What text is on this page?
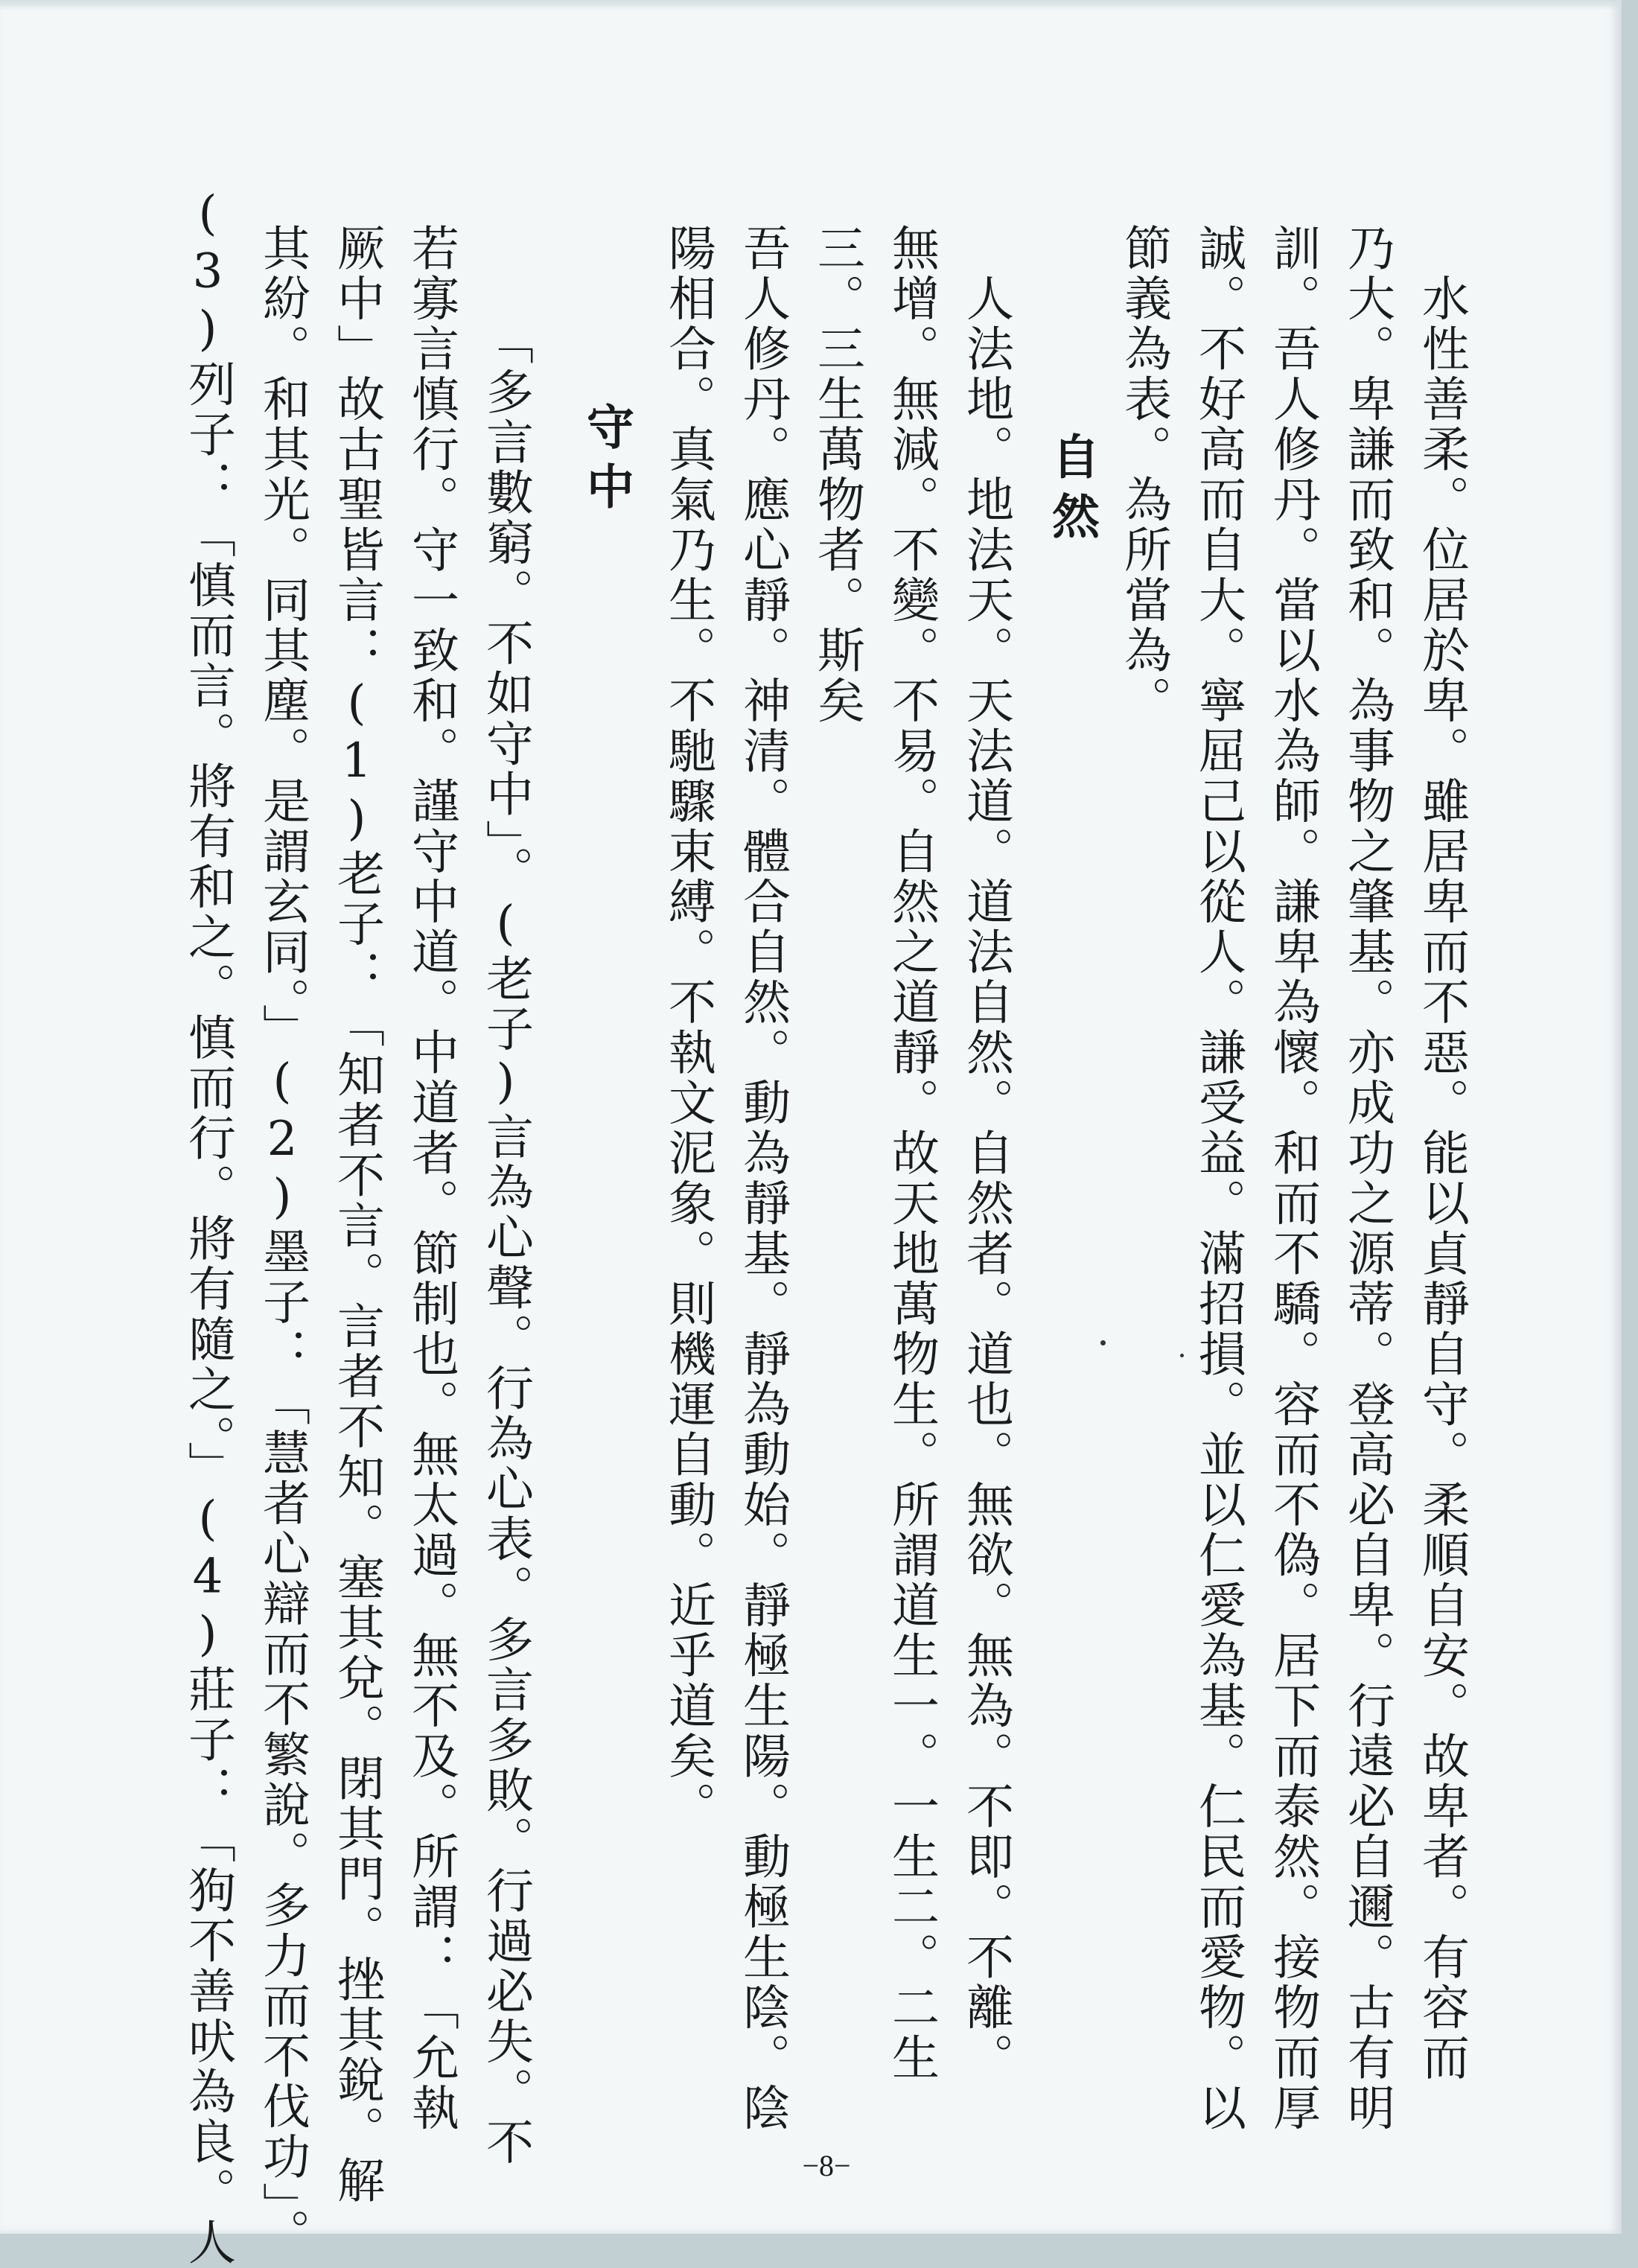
　水性善柔。位居於卑。雖居卑而不惡。能以貞靜自守。柔順自安。故卑者。有容而

乃大。卑謙而致和。為事物之肇基。亦成功之源蒂。登高必自卑。行遠必自邇。古有明

訓。吾人修丹。當以水為師。謙卑為懷。和而不驕。容而不偽。居下而泰然。接物而厚

誠。不好高而自大。寧屈己以從人。謙受益。滿招損。並以仁愛為基。仁民而愛物。以

節義為表。為所當為。

自然

　人法地。地法天。天法道。道法自然。自然者。道也。無欲。無為。不即。不離。

無增。無減。不變。不易。自然之道靜。故天地萬物生。所謂道生一。一生二。二生

三。三生萬物者。斯矣

吾人修丹。應心靜。神清。體合自然。動為靜基。靜為動始。靜極生陽。動極生陰。陰

陽相合。真氣乃生。不馳驟束縛。不執文泥象。則機運自動。近乎道矣。

守中

　「多言數窮。不如守中」。(老子)言為心聲。行為心表。多言多敗。行過必失。不

若寡言慎行。守一致和。謹守中道。中道者。節制也。無太過。無不及。所謂：「允執

厥中」故古聖皆言：(1)老子：「知者不言。言者不知。塞其兌。閉其門。挫其銳。解

其紛。和其光。同其塵。是謂玄同。」(2)墨子：「慧者心辯而不繁說。多力而不伐功」。

(3)列子：「慎而言。將有和之。慎而行。將有隨之。」(4)莊子：「狗不善吠為良。人	−8−
